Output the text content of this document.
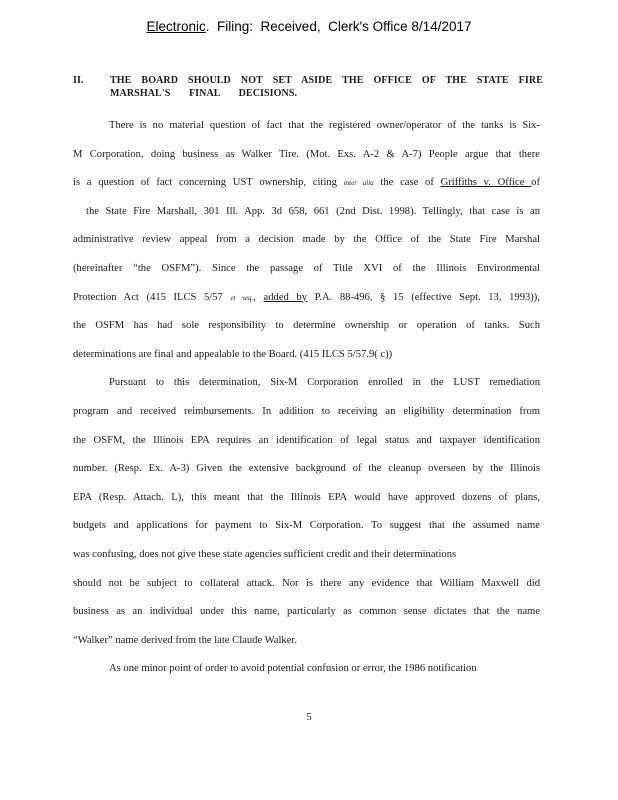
Electronic.  Filing:  Received,  Clerk's Office 8/14/2017
II.	THE BOARD SHOULD NOT SET ASIDE THE OFFICE OF THE STATE FIRE
MARSHAL'S FINAL DECISIONS.
There is no material question of fact that the registered owner/operator of the tanks is Six-
M Corporation, doing business as Walker Tire. (Mot. Exs. A-2 & A-7) People argue that there
is a question of fact concerning UST ownership, citing inter alia the case of Griffiths v. Office of
the State Fire Marshall, 301 Ill. App. 3d 658, 661 (2nd Dist. 1998). Tellingly, that case is an
administrative review appeal from a decision made by the Office of the State Fire Marshal
(hereinafter “the OSFM”). Since the passage of Title XVI of the Illinois Environmental
Protection Act (415 ILCS 5/57 et seq., added by P.A. 88-496, § 15 (effective Sept. 13, 1993)),
the OSFM has had sole responsibility to determine ownership or operation of tanks. Such
determinations are final and appealable to the Board. (415 ILCS 5/57.9( c))
Pursuant to this determination, Six-M Corporation enrolled in the LUST remediation
program and received reimbursements. In addition to receiving an eligibility determination from
the OSFM, the Illinois EPA requires an identification of legal status and taxpayer identification
number. (Resp. Ex. A-3) Given the extensive background of the cleanup overseen by the Illinois
EPA (Resp. Attach. L), this meant that the Illinois EPA would have approved dozens of plans,
budgets and applications for payment to Six-M Corporation. To suggest that the assumed name
was confusing, does not give these state agencies sufficient credit and their determinations
should not be subject to collateral attack. Nor is there any evidence that William Maxwell did
business as an individual under this name, particularly as common sense dictates that the name
“Walker” name derived from the late Claude Walker.
As one minor point of order to avoid potential confusion or error, the 1986 notification
5
